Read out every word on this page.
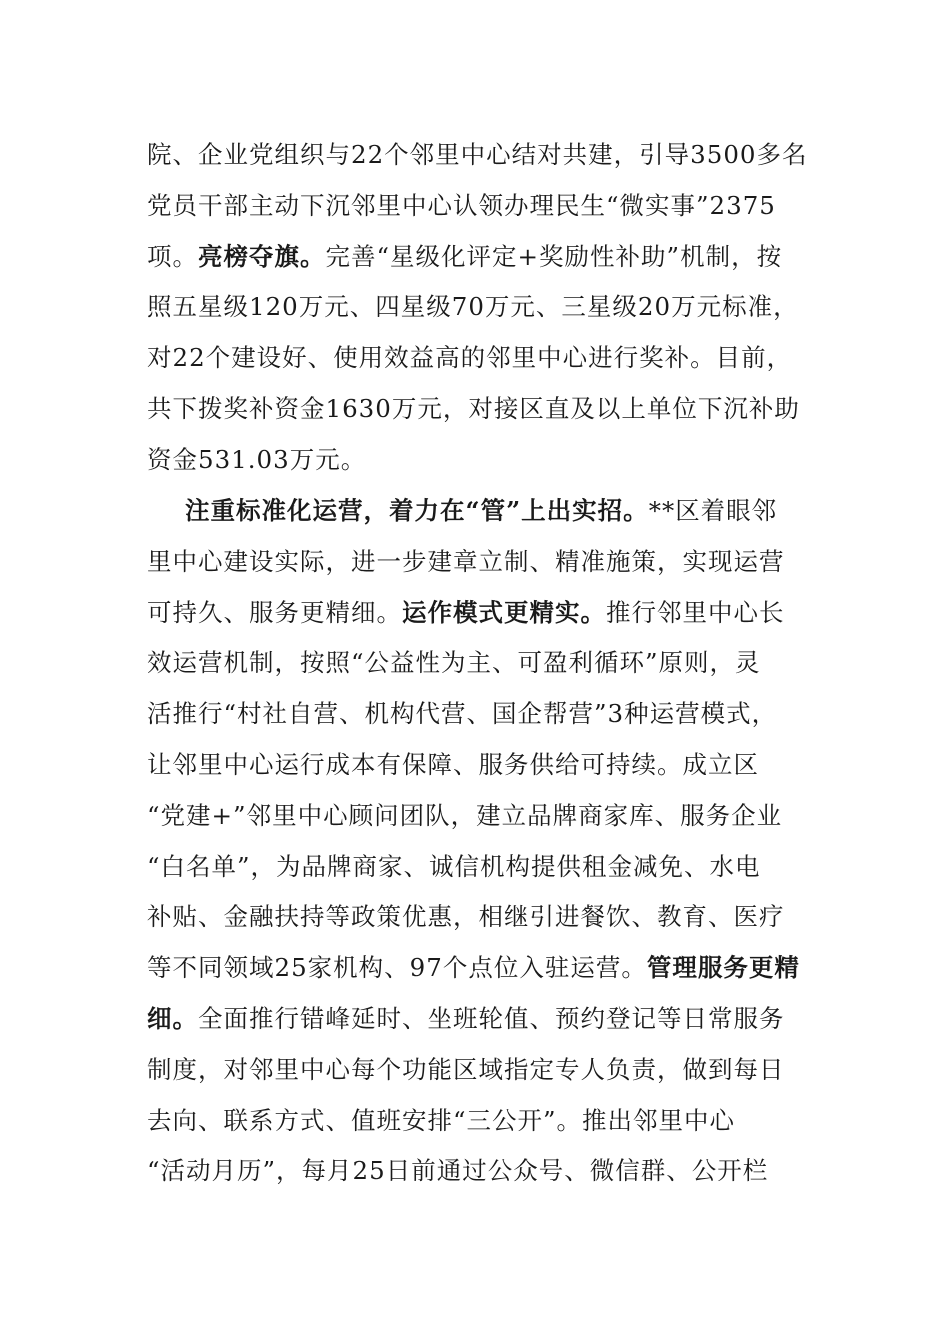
院、企业党组织与22个邻里中心结对共建，引导3500多名
党员干部主动下沉邻里中心认领办理民生“微实事”2375
项。 亮榜夺旗。 完善“星级化评定+奖励性补助”机制，按
照五星级120万元、四星级70万元、三星级20万元标准，
对22个建设好、使用效益高的邻里中心进行奖补。目前，
共下拨奖补资金1630万元，对接区直及以上单位下沉补助
资金531.03万元。
注重标准化运营，着力在“管”上出实招。 **区着眼邻
里中心建设实际，进一步建章立制、精准施策，实现运营
可持久、服务更精细。 运作模式更精实。 推行邻里中心长
效运营机制，按照“公益性为主、可盈利循环”原则，灵
活推行“村社自营、机构代营、国企帮营”3种运营模式，
让邻里中心运行成本有保障、服务供给可持续。成立区
“党建+”邻里中心顾问团队，建立品牌商家库、服务企业
“白名单”，为品牌商家、诚信机构提供租金减免、水电
补贴、金融扶持等政策优惠，相继引进餐饮、教育、医疗
等不同领域25家机构、97个点位入驻运营。 管理服务更精
细。 全面推行错峰延时、坐班轮值、预约登记等日常服务
制度，对邻里中心每个功能区域指定专人负责，做到每日
去向、联系方式、值班安排“三公开”。推出邻里中心
“活动月历”，每月25日前通过公众号、微信群、公开栏
